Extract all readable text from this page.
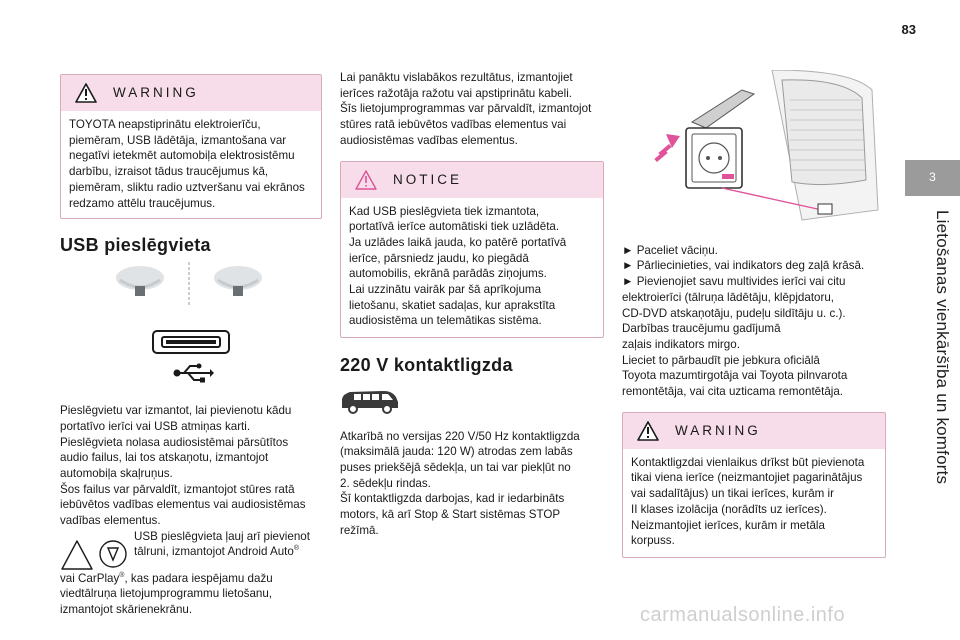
83
3
Lietošanas vienkāršība un komforts
WARNING

TOYOTA neapstiprinātu elektroierīču, piemēram, USB lādētāja, izmantošana var negatīvi ietekmēt automobiļa elektrosistēmu darbību, izraisot tādus traucējumus kā, piemēram, sliktu radio uztveršanu vai ekrānos redzamo attēlu traucējumus.

USB pieslēgvieta

Pieslēgvietu var izmantot, lai pievienotu kādu

portatīvo ierīci vai USB atmiņas karti.

Pieslēgvieta nolasa audiosistēmai pārsūtītos

audio failus, lai tos atskaņotu, izmantojot

automobiļa skaļruņus.

Šos failus var pārvaldīt, izmantojot stūres ratā

iebūvētos vadības elementus vai audiosistēmas

vadības elementus.

USB pieslēgvieta ļauj arī pievienot

tālruni, izmantojot Android Auto®

vai CarPlay®, kas padara iespējamu dažu

viedtālruņa lietojumprogrammu lietošanu,

izmantojot skārienekrānu.

Lai panāktu vislabākos rezultātus, izmantojiet

ierīces ražotāja ražotu vai apstiprinātu kabeli.

Šīs lietojumprogrammas var pārvaldīt, izmantojot

stūres ratā iebūvētos vadības elementus vai

audiosistēmas vadības elementus.

NOTICE

Kad USB pieslēgvieta tiek izmantota,

portatīvā ierīce automātiski tiek uzlādēta.

Ja uzlādes laikā jauda, ko patērē portatīvā

ierīce, pārsniedz jaudu, ko piegādā

automobilis, ekrānā parādās ziņojums.

Lai uzzinātu vairāk par šā aprīkojuma

lietošanu, skatiet sadaļas, kur aprakstīta

audiosistēma un telemātikas sistēma.

220 V kontaktligzda

Atkarībā no versijas 220 V/50 Hz kontaktligzda

(maksimālā jauda: 120 W) atrodas zem labās

puses priekšējā sēdekļa, un tai var piekļūt no

2. sēdekļu rindas.

Šī kontaktligzda darbojas, kad ir iedarbināts

motors, kā arī Stop & Start sistēmas STOP

režīmā.

► Paceliet vāciņu.

► Pārliecinieties, vai indikators deg zaļā krāsā.

► Pievienojiet savu multivides ierīci vai citu

elektroierīci (tālruņa lādētāju, klēpjdatoru,

CD-DVD atskaņotāju, pudeļu sildītāju u. c.).

Darbības traucējumu gadījumā

zaļais indikators mirgo.

Lieciet to pārbaudīt pie jebkura oficiālā

Toyota mazumtirgotāja vai Toyota pilnvarota

remontētāja, vai cita uzticama remontētāja.

WARNING

Kontaktligzdai vienlaikus drīkst būt pievienota

tikai viena ierīce (neizmantojiet pagarinātājus

vai sadalītājus) un tikai ierīces, kurām ir

II klases izolācija (norādīts uz ierīces).

Neizmantojiet ierīces, kurām ir metāla

korpuss.

carmanualsonline.info
